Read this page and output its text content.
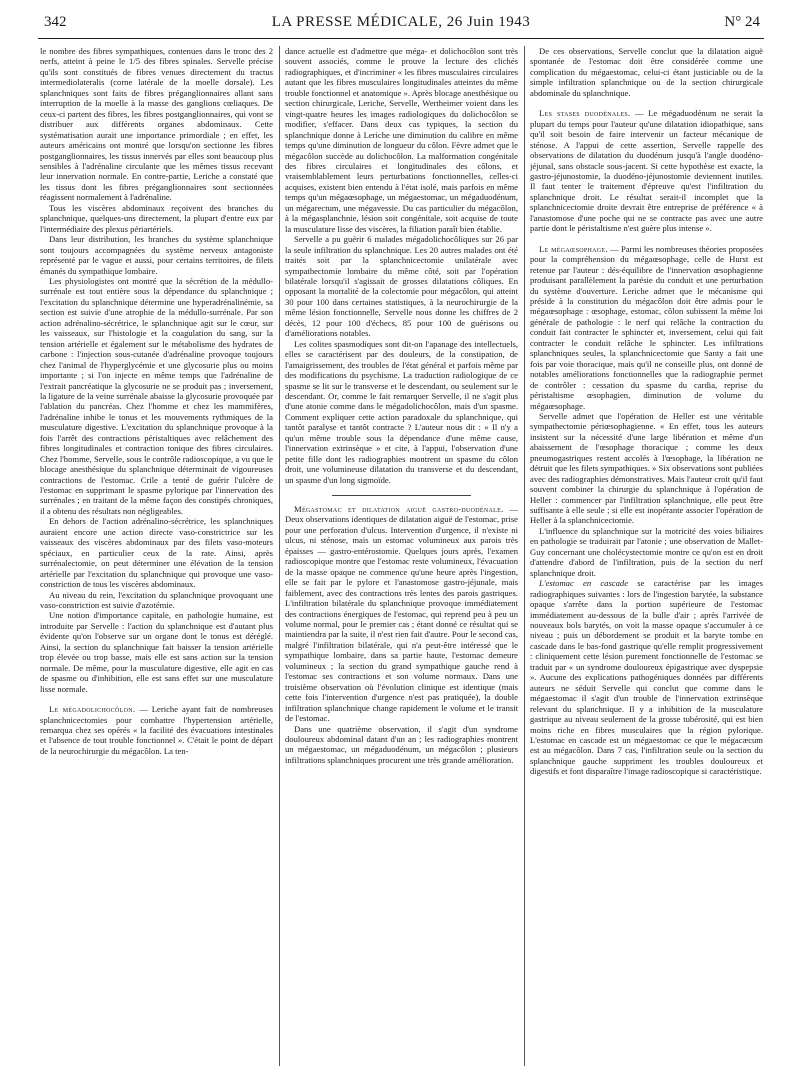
342	LA PRESSE MÉDICALE, 26 Juin 1943	N° 24

le nombre des fibres sympathiques, contenues dans le tronc des 2 nerfs, atteint à peine le 1/5 des fibres spinales. Servelle précise qu'ils sont constitués de fibres venues directement du tractus intermediolateralis (corne latérale de la moelle dorsale). Les splanchniques sont faits de fibres préganglionnaires allant sans interruption de la moelle à la masse des ganglions cœliaques. De ceux-ci partent des fibres, les fibres postganglionnaires, qui vont se distribuer aux différents organes abdominaux. Cette systématisation aurait une importance primordiale ; en effet, les auteurs américains ont montré que lorsqu'on sectionne les fibres postganglionnaires, les tissus innervés par elles sont beaucoup plus sensibles à l'adrénaline circulante que les mêmes tissus recevant leur innervation normale. En contre-partie, Leriche a constaté que les tissus dont les fibres préganglionnaires sont sectionnées réagissent normalement à l'adrénaline.

Tous les viscères abdominaux reçoivent des branches du splanchnique, quelques-uns directement, la plupart d'entre eux par l'intermédiaire des plexus périartériels.

Dans leur distribution, les branches du système splanchnique sont toujours accompagnées du système nerveux antagoniste représenté par le vague et aussi, pour certains territoires, de filets émanés du sympathique lombaire.

Les physiologistes ont montré que la sécrétion de la médullo-surrénale est tout entière sous la dépendance du splanchnique ; l'excitation du splanchnique détermine une hyperadrénalinémie, sa section est suivie d'une atrophie de la médullo-surrénale. Par son action adrénalino-sécrétrice, le splanchnique agit sur le cœur, sur les vaisseaux, sur l'histologie et la coagulation du sang, sur la tension artérielle et également sur le métabolisme des hydrates de carbone : l'injection sous-cutanée d'adrénaline provoque toujours chez l'animal de l'hyperglycémie et une glycosurie plus ou moins importante ; si l'on injecte en même temps que l'adrénaline de l'extrait pancréatique la glycosurie ne se produit pas ; inversement, la ligature de la veine surrénale abaisse la glycosurie provoquée par l'ablation du pancréas. Chez l'homme et chez les mammifères, l'adrénaline inhibe le tonus et les mouvements rythmiques de la musculature digestive. L'excitation du splanchnique provoque à la fois l'arrêt des contractions péristaltiques avec relâchement des fibres longitudinales et contraction tonique des fibres circulaires. Chez l'homme, Servelle, sous le contrôle radioscopique, a vu que le blocage anesthésique du splanchnique déterminait de vigoureuses contractions de l'estomac. Crile a tenté de guérir l'ulcère de l'estomac en supprimant le spasme pylorique par l'innervation des surrénales ; en traitant de la même façon des constipés chroniques, il a obtenu des résultats non négligeables.

En dehors de l'action adrénalino-sécrétrice, les splanchniques auraient encore une action directe vaso-constrictrice sur les vaisseaux des viscères abdominaux par des filets vaso-moteurs spéciaux, en particulier ceux de la rate. Ainsi, après surrénalectomie, on peut déterminer une élévation de la tension artérielle par l'excitation du splanchnique qui provoque une vaso-constriction de tous les viscères abdominaux.

Au niveau du rein, l'excitation du splanchnique provoquant une vaso-constriction est suivie d'azotémie.

Une notion d'importance capitale, en pathologie humaine, est introduite par Servelle : l'action du splanchnique est d'autant plus évidente qu'on l'observe sur un organe dont le tonus est déréglé. Ainsi, la section du splanchnique fait baisser la tension artérielle trop élevée ou trop basse, mais elle est sans action sur la tension normale. De même, pour la musculature digestive, elle agit en cas de spasme ou d'inhibition, elle est sans effet sur une musculature lisse normale.

Le mégadolichocôlon. — Leriche ayant fait de nombreuses splanchnicectomies pour combattre l'hypertension artérielle, remarqua chez ses opérés « la facilité des évacuations intestinales et l'absence de tout trouble fonctionnel ». C'était le point de départ de la neurochirurgie du mégacôlon. La ten-

dance actuelle est d'admettre que méga- et dolichocôlon sont très souvent associés, comme le prouve la lecture des clichés radiographiques, et d'incriminer « les fibres musculaires circulaires autant que les fibres musculaires longitudinales atteintes du même trouble fonctionnel et anatomique ». Après blocage anesthésique ou section chirurgicale, Leriche, Servelle, Wertheimer voient dans les vingt-quatre heures les images radiologiques du dolichocôlon se modifier, s'effacer. Dans deux cas typiques, la section du splanchnique donne à Leriche une diminution du calibre en même temps qu'une diminution de longueur du côlon. Fèvre admet que le mégacôlon succède au dolichocôlon. La malformation congénitale des fibres circulaires et longitudinales des côlons, et vraisemblablement leurs perturbations fonctionnelles, celles-ci acquises, existent bien entendu à l'état isolé, mais parfois en même temps qu'un mégaœsophage, un mégaestomac, un mégaduodénum, un mégarectum, une mégavessie. Du cas particulier du mégacôlon, à la mégasplanchnie, lésion soit congénitale, soit acquise de toute la musculature lisse des viscères, la filiation paraît bien établie.

Servelle a pu guérir 6 malades mégadolichocôliques sur 26 par la seule infiltration du splanchnique. Les 20 autres malades ont été traités soit par la splanchnicectomie unilatérale avec sympathectomie lombaire du même côté, soit par l'opération bilatérale lorsqu'il s'agissait de grosses dilatations côliques. En opposant la mortalité de la colectomie pour mégacôlon, qui atteint 30 pour 100 dans certaines statistiques, à la neurochirurgie de la même lésion fonctionnelle, Servelle nous donne les chiffres de 2 décès, 12 pour 100 d'échecs, 85 pour 100 de guérisons ou d'améliorations notables.

Les colites spasmodiques sont dit-on l'apanage des intellectuels, elles se caractérisent par des douleurs, de la constipation, de l'amaigrissement, des troubles de l'état général et parfois même par des modifications du psychisme. La traduction radiologique de ce spasme se lit sur le transverse et le descendant, ou seulement sur le descendant. Or, comme le fait remarquer Servelle, il ne s'agit plus d'une atonie comme dans le mégadolichocôlon, mais d'un spasme. Comment expliquer cette action paradoxale du splanchnique, qui tantôt paralyse et tantôt contracte ? L'auteur nous dit : « Il n'y a qu'un même trouble sous la dépendance d'une même cause, l'innervation extrinsèque » et cite, à l'appui, l'observation d'une petite fille dont les radiographies montrent un spasme du côlon droit, une volumineuse dilatation du transverse et du descendant, un spasme d'un long sigmoïde.

Mégastomac et dilatation aiguë gastro-duodénale. — Deux observations identiques de dilatation aiguë de l'estomac, prise pour une perforation d'ulcus. Intervention d'urgence, il n'existe ni ulcus, ni sténose, mais un estomac volumineux aux parois très épaisses — gastro-entérostomie. Quelques jours après, l'examen radioscopique montre que l'estomac reste volumineux, l'évacuation de la masse opaque ne commence qu'une heure après l'ingestion, elle se fait par le pylore et l'anastomose gastro-jéjunale, mais faiblement, avec des contractions très lentes des parois gastriques. L'infiltration bilatérale du splanchnique provoque immédiatement des contractions énergiques de l'estomac, qui reprend peu à peu un volume normal, pour le premier cas ; étant donné ce résultat qui se maintiendra par la suite, il n'est rien fait d'autre. Pour le second cas, malgré l'infiltration bilatérale, qui n'a peut-être intéressé que le sympathique lombaire, dans sa partie haute, l'estomac demeure volumineux ; la section du grand sympathique gauche rend à l'estomac ses contractions et son volume normaux. Dans une troisième observation où l'évolution clinique est identique (mais cette fois l'intervention d'urgence n'est pas pratiquée), la double infiltration splanchnique change rapidement le volume et le transit de l'estomac.

Dans une quatrième observation, il s'agit d'un syndrome douloureux abdominal datant d'un an ; les radiographies montrent un mégaestomac, un mégaduodénum, un mégacôlon ; plusieurs infiltrations splanchniques procurent une très grande amélioration.

De ces observations, Servelle conclut que la dilatation aiguë spontanée de l'estomac doit être considérée comme une complication du mégaestomac, celui-ci étant justiciable ou de la simple infiltration splanchnique ou de la section chirurgicale abdominale du splanchnique.

Les stases duodénales. — Le mégaduodénum ne serait la plupart du temps pour l'auteur qu'une dilatation idiopathique, sans qu'il soit besoin de faire intervenir un facteur mécanique de sténose. A l'appui de cette assertion, Servelle rappelle des observations de dilatation du duodénum jusqu'à l'angle duodéno-jéjunal, sans obstacle sous-jacent. Si cette hypothèse est exacte, la gastro-jéjunostomie, la duodéno-jéjunostomie deviennent inutiles. Il faut tenter le traitement d'épreuve qu'est l'infiltration du splanchnique droit. Le résultat serait-il incomplet que la splanchnicectomie droite devrait être entreprise de préférence « à l'anastomose d'une poche qui ne se contracte pas avec une autre partie dont le péristaltisme n'est guère plus intense ».

Le mégaœsophage. — Parmi les nombreuses théories proposées pour la compréhension du mégaœsophage, celle de Hurst est retenue par l'auteur : dés-équilibre de l'innervation œsophagienne produisant parallèlement la parésie du conduit et une perturbation du système d'ouverture. Leriche admet que le mécanisme qui préside à la constitution du mégacôlon doit être admis pour le mégaœsophage : œsophage, estomac, côlon subissent la même loi générale de pathologie : le nerf qui relâche la contraction du conduit fait contracter le sphincter et, inversement, celui qui fait contracter le conduit relâche le sphincter. Les infiltrations splanchniques seules, la splanchnicectomie que Santy a fait une fois par voie thoracique, mais qu'il ne conseille plus, ont donné de notables améliorations fonctionnelles que la radiographie permet de contrôler : cessation du spasme du cardia, reprise du péristaltisme œsophagien, diminution de volume du mégaœsophage.

Servelle admet que l'opération de Heller est une véritable sympathectomie périœsophagienne. « En effet, tous les auteurs insistent sur la nécessité d'une large libération et même d'un abaissement de l'œsophage thoracique ; comme les deux pneumogastriques restent accolés à l'œsophage, la libération ne détruit que les filets sympathiques. » Six observations sont publiées avec des radiographies démonstratives. Mais l'auteur croit qu'il faut souvent combiner la chirurgie du splanchnique à l'opération de Heller : commencer par l'infiltration splanchnique, elle peut être suffisante à elle seule ; si elle est inopérante associer l'opération de Heller à la splanchnicectomie.

L'influence du splanchnique sur la motricité des voies biliaires en pathologie se traduirait par l'atonie ; une observation de Mallet-Guy concernant une cholécystectomie montre ce qu'on est en droit d'attendre d'abord de l'infiltration, puis de la section du nerf splanchnique droit.

L'estomac en cascade se caractérise par les images radiographiques suivantes : lors de l'ingestion barytée, la substance opaque s'arrête dans la portion supérieure de l'estomac immédiatement au-dessous de la bulle d'air ; après l'arrivée de nouveaux bols barytés, on voit la masse opaque s'accumuler à ce niveau ; puis un débordement se produit et la baryte tombe en cascade dans le bas-fond gastrique qu'elle remplit progressivement : cliniquement cette lésion purement fonctionnelle de l'estomac se traduit par « un syndrome douloureux épigastrique avec dyspepsie ». Aucune des explications pathogéniques données par différents auteurs ne séduit Servelle qui conclut que comme dans le mégaestomac il s'agit d'un trouble de l'innervation extrinsèque relevant du splanchnique. Il y a inhibition de la musculature gastrique au niveau seulement de la grosse tubérosité, qui est bien moins riche en fibres musculaires que la région pylorique. L'estomac en cascade est un mégaestomac ce que le mégacæcum est au mégacôlon. Dans 7 cas, l'infiltration seule ou la section du splanchnique gauche suppriment les troubles douloureux et digestifs et font disparaître l'image radioscopique si caractéristique.
